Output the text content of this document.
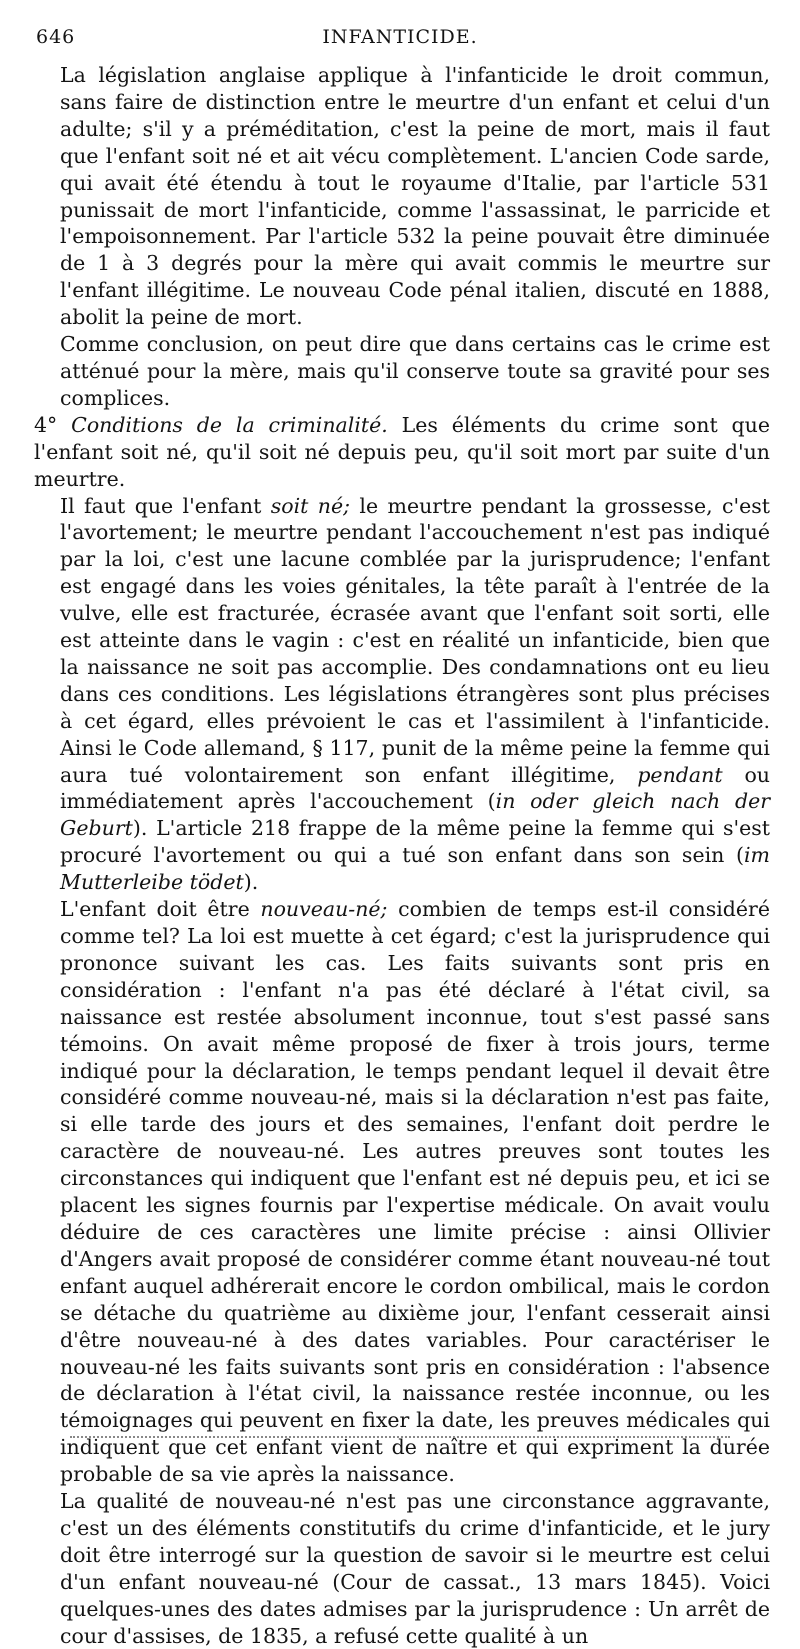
646	INFANTICIDE.

La législation anglaise applique à l'infanticide le droit commun, sans faire de distinction entre le meurtre d'un enfant et celui d'un adulte; s'il y a préméditation, c'est la peine de mort, mais il faut que l'enfant soit né et ait vécu complètement. L'ancien Code sarde, qui avait été étendu à tout le royaume d'Italie, par l'article 531 punissait de mort l'infanticide, comme l'assassinat, le parricide et l'empoisonnement. Par l'article 532 la peine pouvait être diminuée de 1 à 3 degrés pour la mère qui avait commis le meurtre sur l'enfant illégitime. Le nouveau Code pénal italien, discuté en 1888, abolit la peine de mort.

Comme conclusion, on peut dire que dans certains cas le crime est atténué pour la mère, mais qu'il conserve toute sa gravité pour ses complices.

4° Conditions de la criminalité. Les éléments du crime sont que l'enfant soit né, qu'il soit né depuis peu, qu'il soit mort par suite d'un meurtre.

Il faut que l'enfant soit né; le meurtre pendant la grossesse, c'est l'avortement; le meurtre pendant l'accouchement n'est pas indiqué par la loi, c'est une lacune comblée par la jurisprudence; l'enfant est engagé dans les voies génitales, la tête paraît à l'entrée de la vulve, elle est fracturée, écrasée avant que l'enfant soit sorti, elle est atteinte dans le vagin : c'est en réalité un infanticide, bien que la naissance ne soit pas accomplie. Des condamnations ont eu lieu dans ces conditions. Les législations étrangères sont plus précises à cet égard, elles prévoient le cas et l'assimilent à l'infanticide. Ainsi le Code allemand, § 117, punit de la même peine la femme qui aura tué volontairement son enfant illégitime, pendant ou immédiatement après l'accouchement (in oder gleich nach der Geburt). L'article 218 frappe de la même peine la femme qui s'est procuré l'avortement ou qui a tué son enfant dans son sein (im Mutterleibe tödet).

L'enfant doit être nouveau-né; combien de temps est-il considéré comme tel? La loi est muette à cet égard; c'est la jurisprudence qui prononce suivant les cas. Les faits suivants sont pris en considération : l'enfant n'a pas été déclaré à l'état civil, sa naissance est restée absolument inconnue, tout s'est passé sans témoins. On avait même proposé de fixer à trois jours, terme indiqué pour la déclaration, le temps pendant lequel il devait être considéré comme nouveau-né, mais si la déclaration n'est pas faite, si elle tarde des jours et des semaines, l'enfant doit perdre le caractère de nouveau-né. Les autres preuves sont toutes les circonstances qui indiquent que l'enfant est né depuis peu, et ici se placent les signes fournis par l'expertise médicale. On avait voulu déduire de ces caractères une limite précise : ainsi Ollivier d'Angers avait proposé de considérer comme étant nouveau-né tout enfant auquel adhérerait encore le cordon ombilical, mais le cordon se détache du quatrième au dixième jour, l'enfant cesserait ainsi d'être nouveau-né à des dates variables. Pour caractériser le nouveau-né les faits suivants sont pris en considération : l'absence de déclaration à l'état civil, la naissance restée inconnue, ou les témoignages qui peuvent en fixer la date, les preuves médicales qui indiquent que cet enfant vient de naître et qui expriment la durée probable de sa vie après la naissance.

La qualité de nouveau-né n'est pas une circonstance aggravante, c'est un des éléments constitutifs du crime d'infanticide, et le jury doit être interrogé sur la question de savoir si le meurtre est celui d'un enfant nouveau-né (Cour de cassat., 13 mars 1845). Voici quelques-unes des dates admises par la jurisprudence : Un arrêt de cour d'assises, de 1835, a refusé cette qualité à un
